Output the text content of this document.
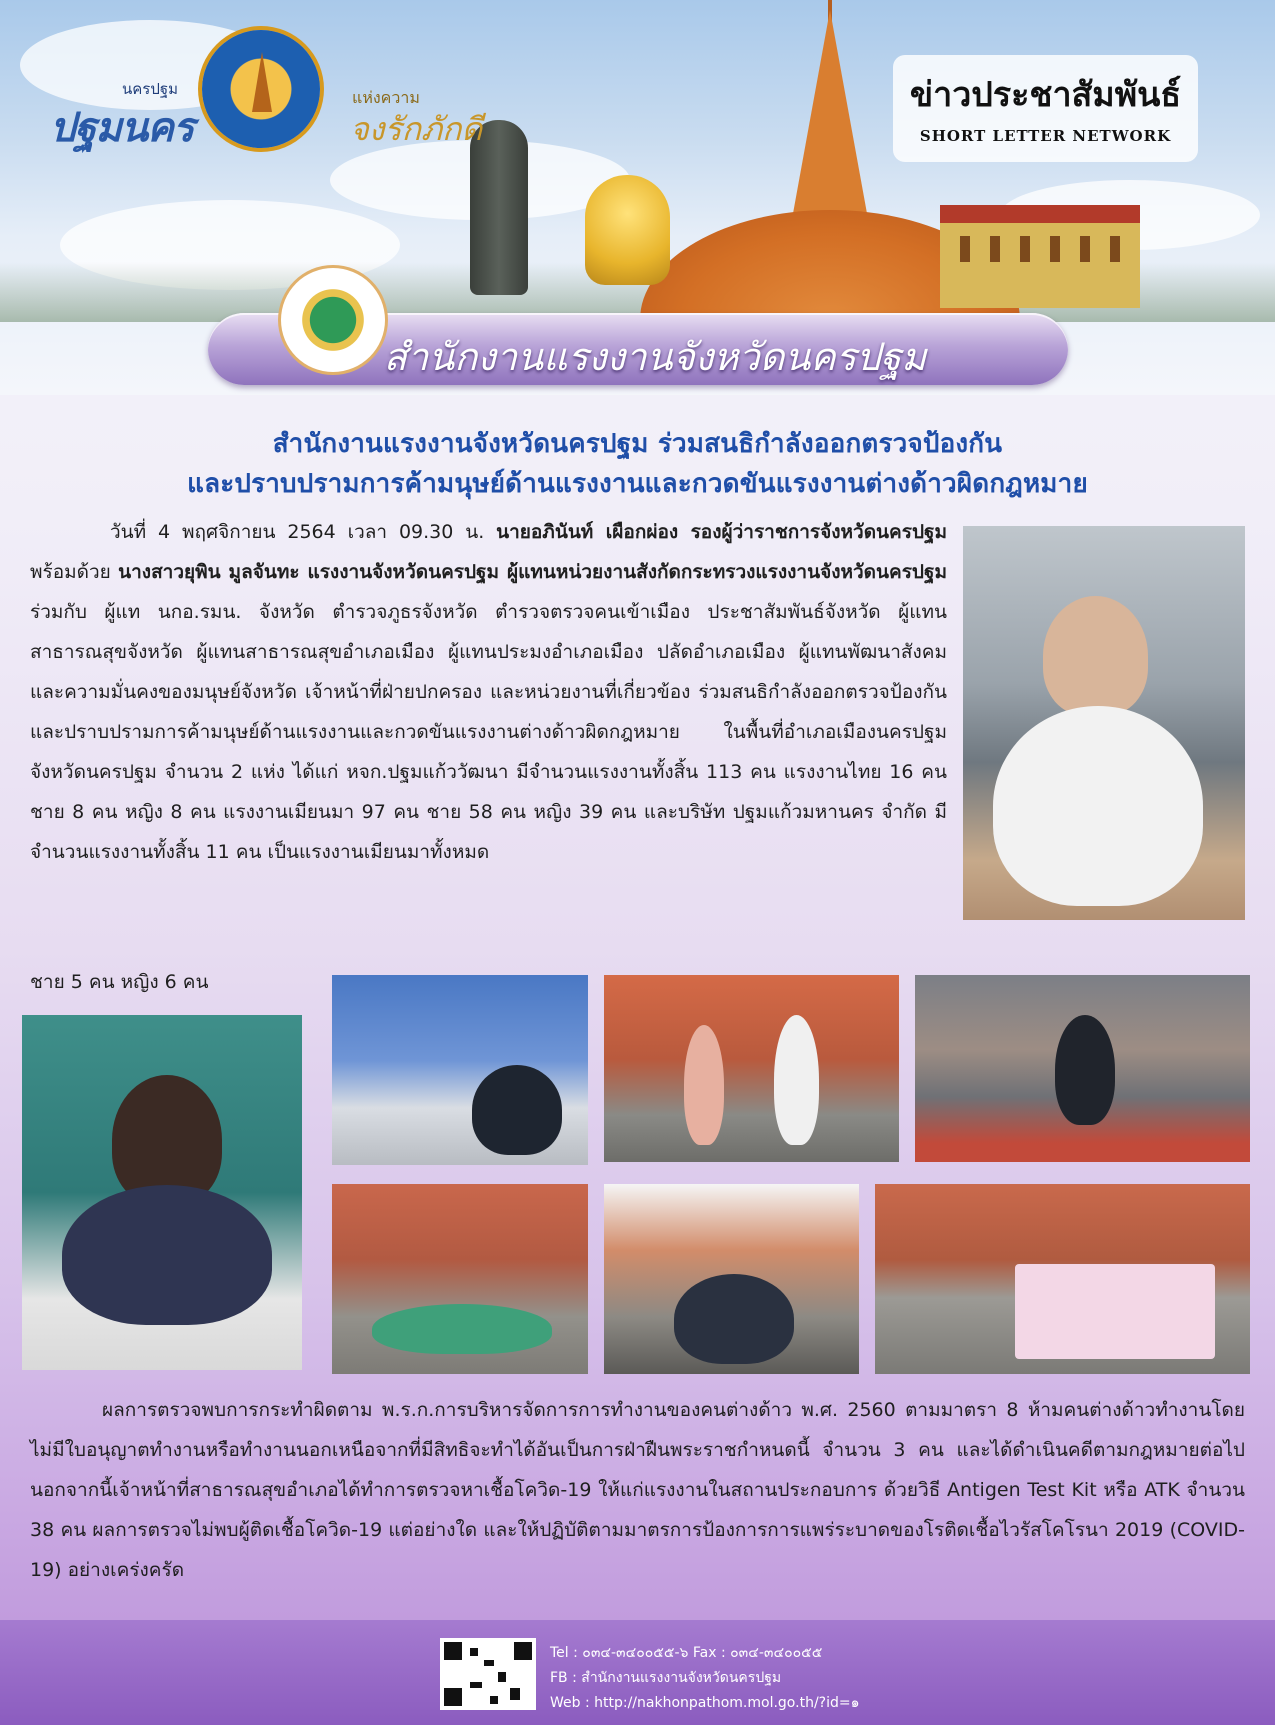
นครปฐม
ปฐมนคร
แห่งความ
จงรักภักดี
ข่าวประชาสัมพันธ์
SHORT LETTER NETWORK
สำนักงานแรงงานจังหวัดนครปฐม
สำนักงานแรงงานจังหวัดนครปฐม ร่วมสนธิกำลังออกตรวจป้องกัน
และปราบปรามการค้ามนุษย์ด้านแรงงานและกวดขันแรงงานต่างด้าวผิดกฎหมาย
วันที่ 4 พฤศจิกายน 2564 เวลา 09.30 น. นายอภินันท์ เผือกผ่อง รองผู้ว่าราชการจังหวัดนครปฐม พร้อมด้วย นางสาวยุพิน มูลจันทะ แรงงานจังหวัดนครปฐม ผู้แทนหน่วยงานสังกัดกระทรวงแรงงานจังหวัดนครปฐม ร่วมกับ ผู้แท นกอ.รมน. จังหวัด ตำรวจภูธรจังหวัด ตำรวจตรวจคนเข้าเมือง ประชาสัมพันธ์จังหวัด ผู้แทนสาธารณสุขจังหวัด ผู้แทนสาธารณสุขอำเภอเมือง ผู้แทนประมงอำเภอเมือง ปลัดอำเภอเมือง ผู้แทนพัฒนาสังคมและความมั่นคงของมนุษย์จังหวัด เจ้าหน้าที่ฝ่ายปกครอง และหน่วยงานที่เกี่ยวข้อง ร่วมสนธิกำลังออกตรวจป้องกันและปราบปรามการค้ามนุษย์ด้านแรงงานและกวดขันแรงงานต่างด้าวผิดกฎหมาย ในพื้นที่อำเภอเมืองนครปฐม จังหวัดนครปฐม จำนวน 2 แห่ง ได้แก่ หจก.ปฐมแก้ววัฒนา มีจำนวนแรงงานทั้งสิ้น 113 คน แรงงานไทย 16 คน ชาย 8 คน หญิง 8 คน แรงงานเมียนมา 97 คน ชาย 58 คน หญิง 39 คน และบริษัท ปฐมแก้วมหานคร จำกัด มีจำนวนแรงงานทั้งสิ้น 11 คน เป็นแรงงานเมียนมาทั้งหมด
ชาย 5 คน หญิง 6 คน
ผลการตรวจพบการกระทำผิดตาม พ.ร.ก.การบริหารจัดการการทำงานของคนต่างด้าว พ.ศ. 2560 ตามมาตรา 8 ห้ามคนต่างด้าวทำงานโดยไม่มีใบอนุญาตทำงานหรือทำงานนอกเหนือจากที่มีสิทธิจะทำได้อันเป็นการฝ่าฝืนพระราชกำหนดนี้ จำนวน 3 คน และได้ดำเนินคดีตามกฎหมายต่อไป นอกจากนี้เจ้าหน้าที่สาธารณสุขอำเภอได้ทำการตรวจหาเชื้อโควิด-19 ให้แก่แรงงานในสถานประกอบการ ด้วยวิธี Antigen Test Kit หรือ ATK จำนวน 38 คน ผลการตรวจไม่พบผู้ติดเชื้อโควิด-19 แต่อย่างใด และให้ปฏิบัติตามมาตรการป้องการการแพร่ระบาดของโรติดเชื้อไวรัสโคโรนา 2019 (COVID-19) อย่างเคร่งครัด
Tel : ๐๓๔-๓๔๐๐๕๕-๖ Fax : ๐๓๔-๓๔๐๐๕๕
FB : สำนักงานแรงงานจังหวัดนครปฐม
Web : http://nakhonpathom.mol.go.th/?id=๑
